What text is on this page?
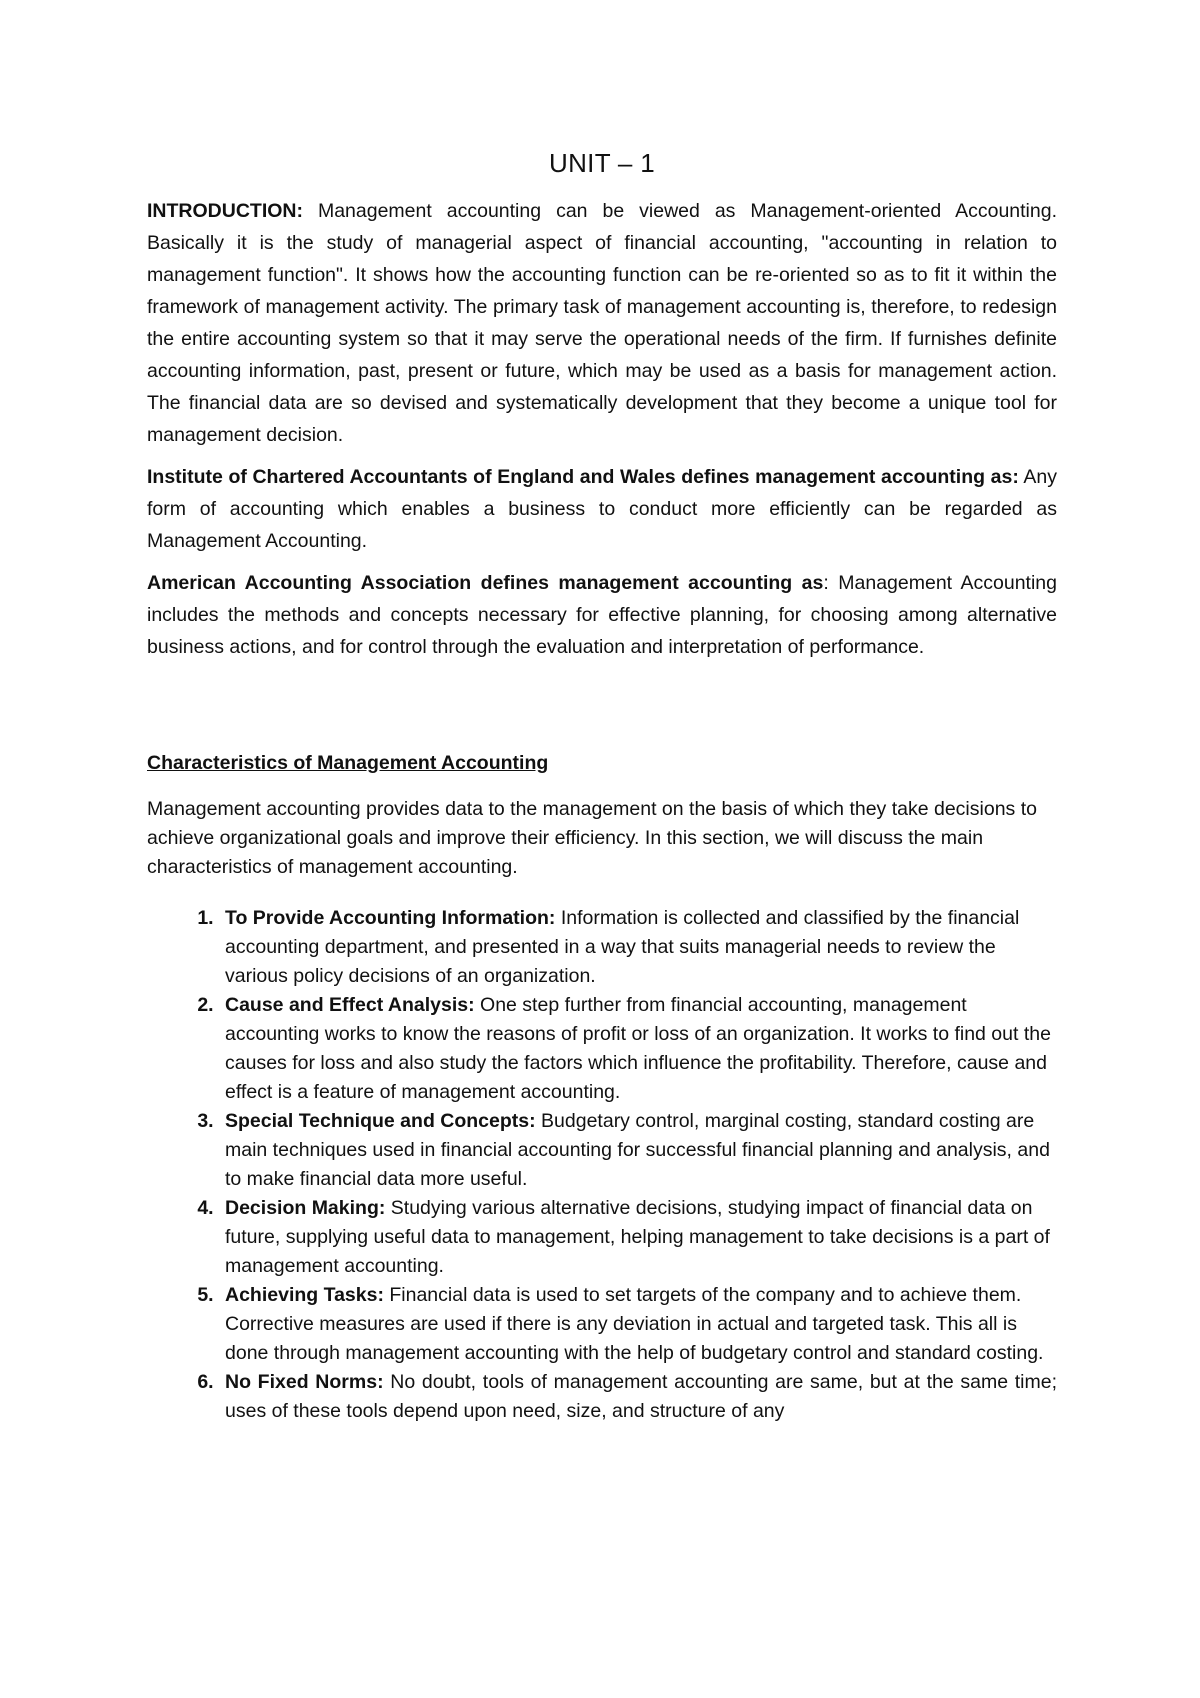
UNIT – 1

INTRODUCTION: Management accounting can be viewed as Management-oriented Accounting. Basically it is the study of managerial aspect of financial accounting, "accounting in relation to management function". It shows how the accounting function can be re-oriented so as to fit it within the framework of management activity. The primary task of management accounting is, therefore, to redesign the entire accounting system so that it may serve the operational needs of the firm. If furnishes definite accounting information, past, present or future, which may be used as a basis for management action. The financial data are so devised and systematically development that they become a unique tool for management decision.

Institute of Chartered Accountants of England and Wales defines management accounting as: Any form of accounting which enables a business to conduct more efficiently can be regarded as Management Accounting.

American Accounting Association defines management accounting as: Management Accounting includes the methods and concepts necessary for effective planning, for choosing among alternative business actions, and for control through the evaluation and interpretation of performance.

Characteristics of Management Accounting

Management accounting provides data to the management on the basis of which they take decisions to achieve organizational goals and improve their efficiency. In this section, we will discuss the main characteristics of management accounting.

1. To Provide Accounting Information: Information is collected and classified by the financial accounting department, and presented in a way that suits managerial needs to review the various policy decisions of an organization.
2. Cause and Effect Analysis: One step further from financial accounting, management accounting works to know the reasons of profit or loss of an organization. It works to find out the causes for loss and also study the factors which influence the profitability. Therefore, cause and effect is a feature of management accounting.
3. Special Technique and Concepts: Budgetary control, marginal costing, standard costing are main techniques used in financial accounting for successful financial planning and analysis, and to make financial data more useful.
4. Decision Making: Studying various alternative decisions, studying impact of financial data on future, supplying useful data to management, helping management to take decisions is a part of management accounting.
5. Achieving Tasks: Financial data is used to set targets of the company and to achieve them. Corrective measures are used if there is any deviation in actual and targeted task. This all is done through management accounting with the help of budgetary control and standard costing.
6. No Fixed Norms: No doubt, tools of management accounting are same, but at the same time; uses of these tools depend upon need, size, and structure of any
